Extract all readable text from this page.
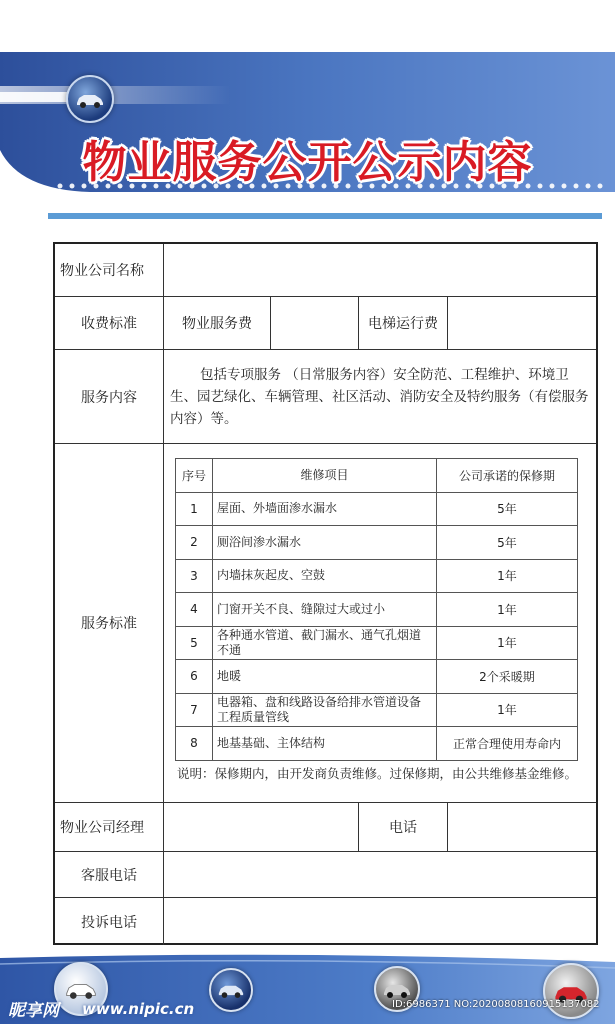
物业服务公开公示内容
物业公司名称
收费标准	物业服务费	电梯运行费
服务内容
包括专项服务 （日常服务内容）安全防范、工程维护、环境卫生、园艺绿化、车辆管理、社区活动、消防安全及特约服务（有偿服务内容）等。
服务标准
序号	维修项目	公司承诺的保修期
1	屋面、外墙面渗水漏水	5年
2	厕浴间渗水漏水	5年
3	内墙抹灰起皮、空鼓	1年
4	门窗开关不良、缝隙过大或过小	1年
5	各种通水管道、截门漏水、通气孔烟道不通	1年
6	地暖	2个采暖期
7	电器箱、盘和线路设备给排水管道设备工程质量管线	1年
8	地基基础、主体结构	正常合理使用寿命内
说明：保修期内，由开发商负责维修。过保修期，由公共维修基金维修。
物业公司经理	电话
客服电话
投诉电话
昵享网 www.nipic.cn	ID:6986371 NO:20200808160915137082
